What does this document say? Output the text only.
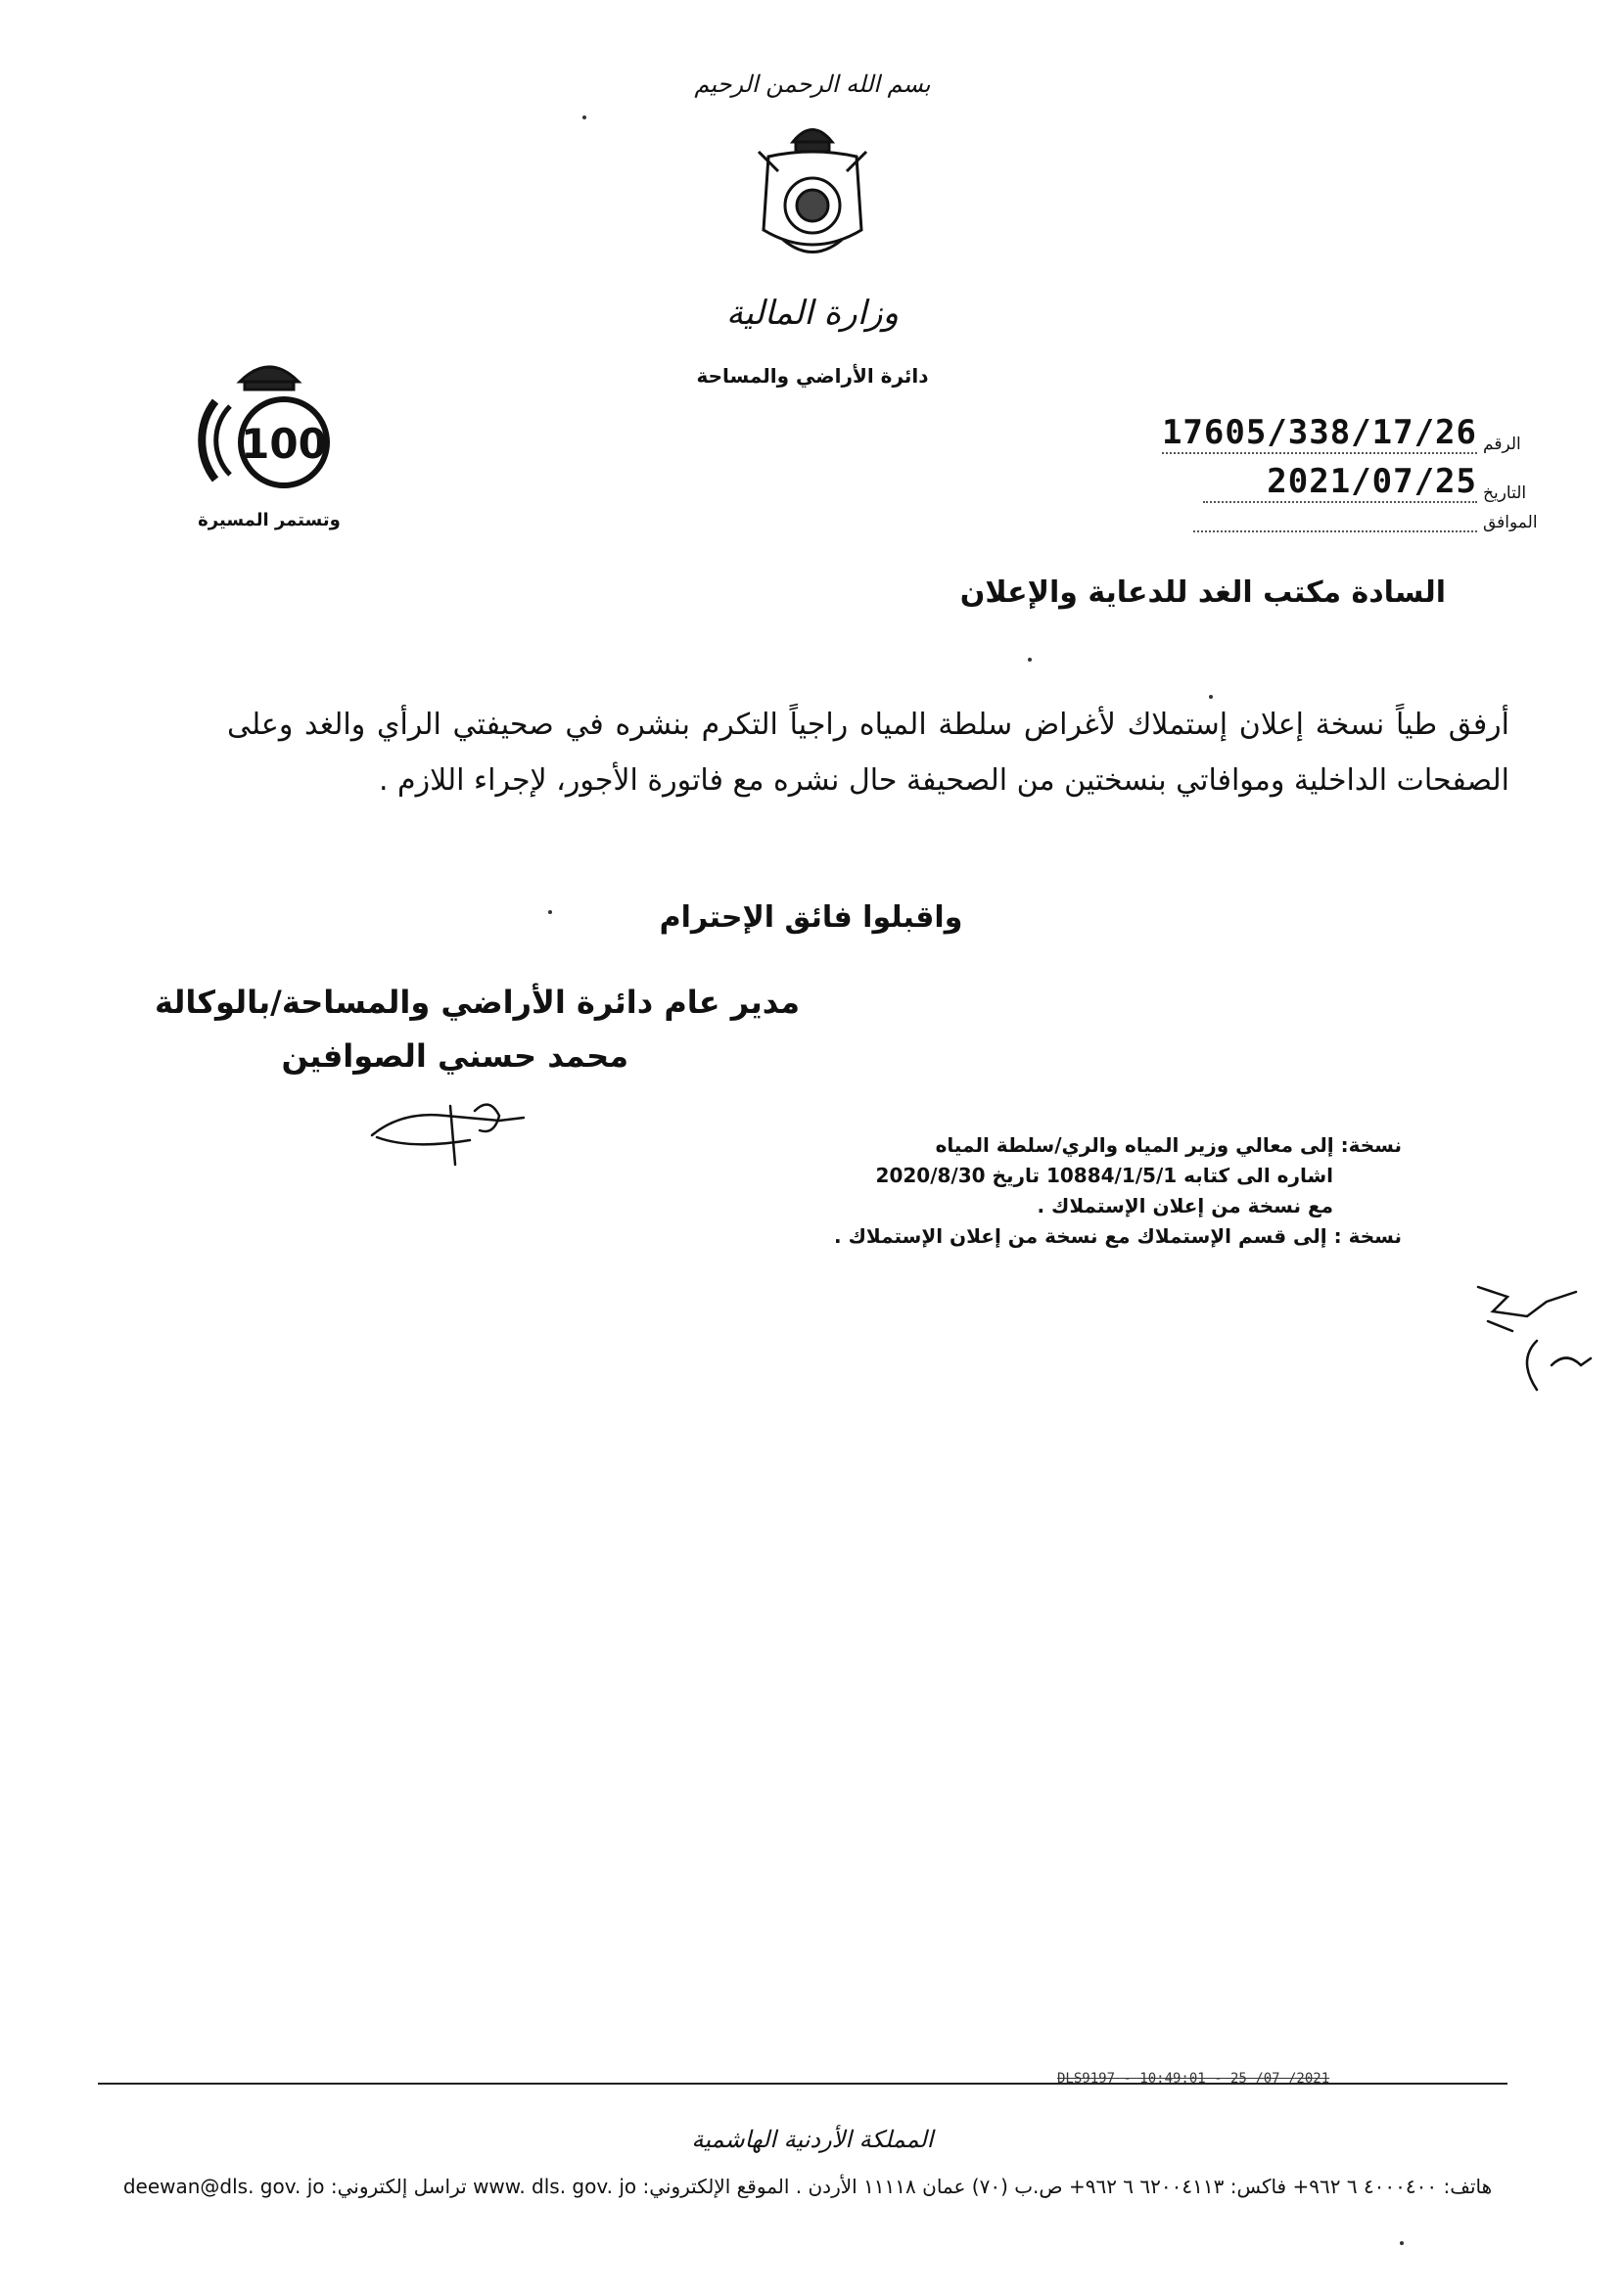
بسم الله الرحمن الرحيم
وزارة المالية
دائرة الأراضي والمساحة
100
وتستمر المسيرة
17605/338/17/26 الرقم
2021/07/25 التاريخ
الموافق
السادة مكتب الغد للدعاية والإعلان
أرفق طياً نسخة إعلان إستملاك لأغراض سلطة المياه راجياً التكرم بنشره في صحيفتي الرأي والغد وعلى الصفحات الداخلية وموافاتي بنسختين من الصحيفة حال نشره مع فاتورة الأجور، لإجراء اللازم .
واقبلوا فائق الإحترام
مدير عام دائرة الأراضي والمساحة/بالوكالة
محمد حسني الصوافين
نسخة: إلى معالي وزير المياه والري/سلطة المياه
اشاره الى كتابه 10884/1/5/1 تاريخ 2020/8/30
مع نسخة من إعلان الإستملاك .
نسخة : إلى قسم الإستملاك مع نسخة من إعلان الإستملاك .
DLS9197 - 10:49:01 - 25 /07 /2021
المملكة الأردنية الهاشمية
هاتف: ٤٠٠٠٤٠٠ ٦ ٩٦٢+ فاكس: ٦٢٠٠٤١١٣ ٦ ٩٦٢+ ص.ب (٧٠) عمان ١١١١٨ الأردن . الموقع الإلكتروني: www. dls. gov. jo تراسل إلكتروني: deewan@dls. gov. jo
